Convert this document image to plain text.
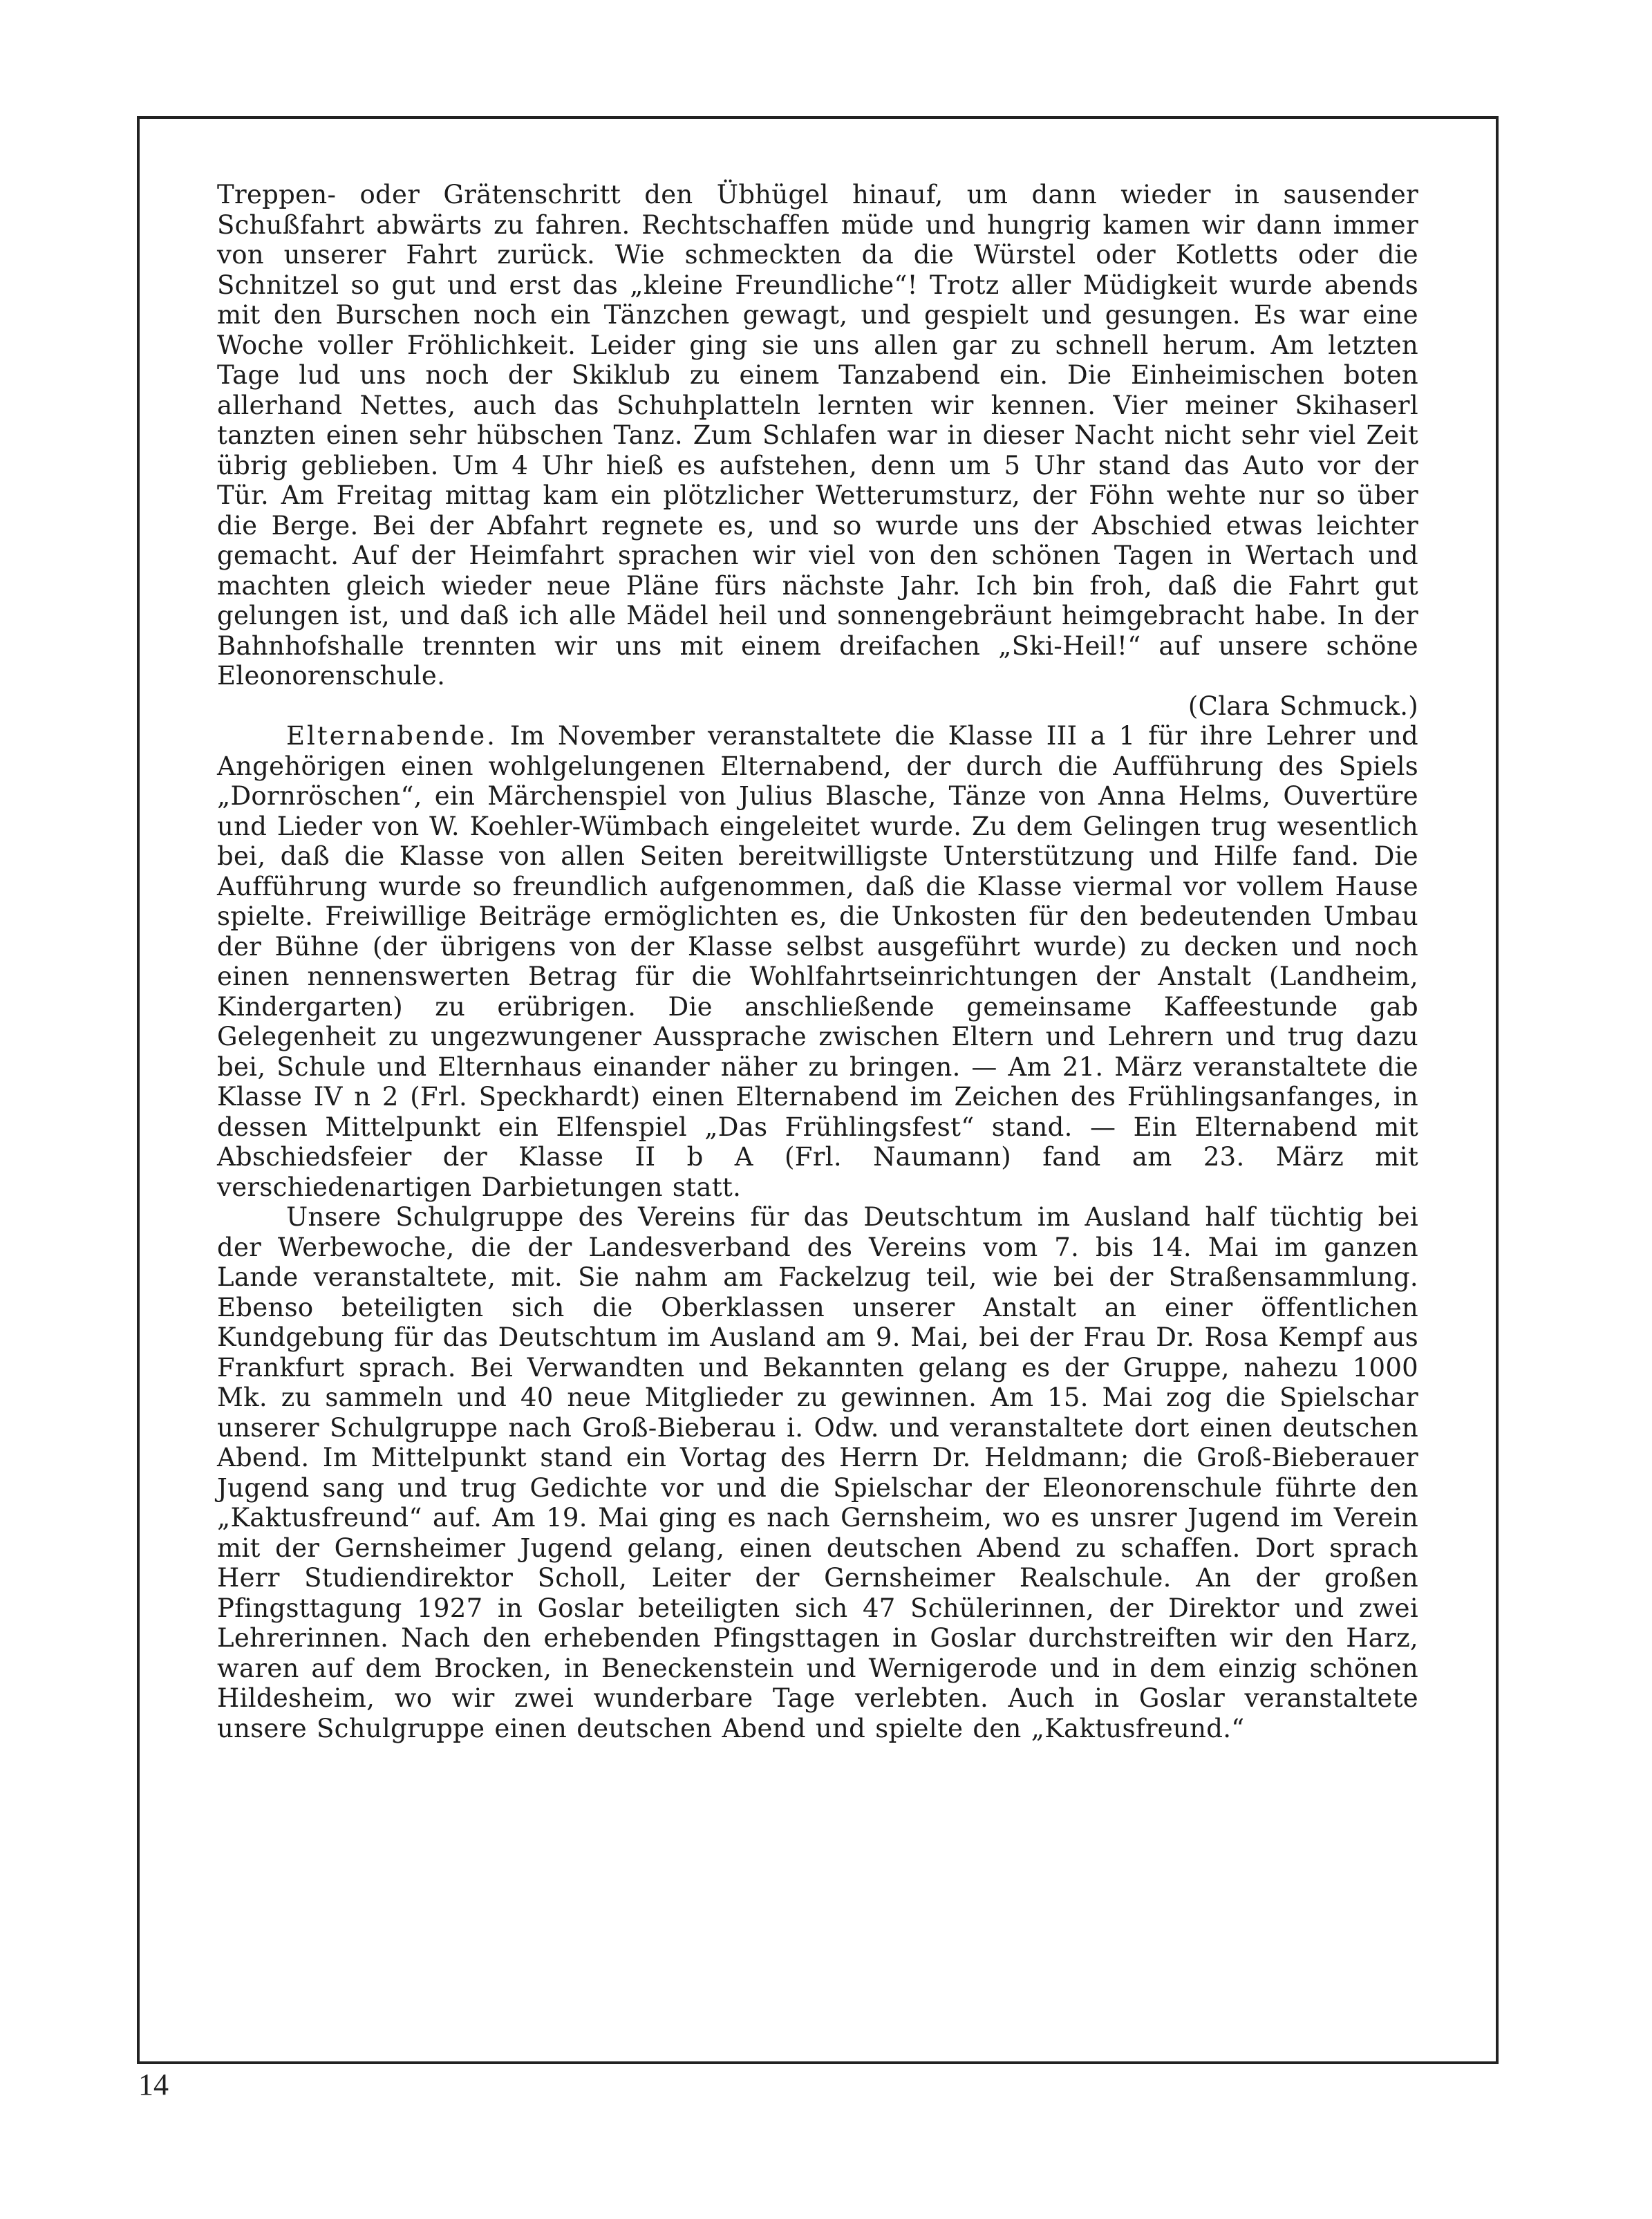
Treppen- oder Grätenschritt den Übhügel hinauf, um dann wieder in sausender Schußfahrt abwärts zu fahren. Rechtschaffen müde und hungrig kamen wir dann immer von unserer Fahrt zurück. Wie schmeckten da die Würstel oder Kotletts oder die Schnitzel so gut und erst das „kleine Freundliche“! Trotz aller Müdigkeit wurde abends mit den Burschen noch ein Tänzchen gewagt, und gespielt und gesungen. Es war eine Woche voller Fröhlichkeit. Leider ging sie uns allen gar zu schnell herum. Am letzten Tage lud uns noch der Skiklub zu einem Tanzabend ein. Die Einheimischen boten allerhand Nettes, auch das Schuhplatteln lernten wir kennen. Vier meiner Skihaserl tanzten einen sehr hübschen Tanz. Zum Schlafen war in dieser Nacht nicht sehr viel Zeit übrig geblieben. Um 4 Uhr hieß es aufstehen, denn um 5 Uhr stand das Auto vor der Tür. Am Freitag mittag kam ein plötzlicher Wetterumsturz, der Föhn wehte nur so über die Berge. Bei der Abfahrt regnete es, und so wurde uns der Abschied etwas leichter gemacht. Auf der Heimfahrt sprachen wir viel von den schönen Tagen in Wertach und machten gleich wieder neue Pläne fürs nächste Jahr. Ich bin froh, daß die Fahrt gut gelungen ist, und daß ich alle Mädel heil und sonnengebräunt heimgebracht habe. In der Bahnhofshalle trennten wir uns mit einem dreifachen „Ski-Heil!“ auf unsere schöne Eleonorenschule.
(Clara Schmuck.)

Elternabende. Im November veranstaltete die Klasse III a 1 für ihre Lehrer und Angehörigen einen wohlgelungenen Elternabend, der durch die Aufführung des Spiels „Dornröschen“, ein Märchenspiel von Julius Blasche, Tänze von Anna Helms, Ouvertüre und Lieder von W. Koehler-Wümbach eingeleitet wurde. Zu dem Gelingen trug wesentlich bei, daß die Klasse von allen Seiten bereitwilligste Unterstützung und Hilfe fand. Die Aufführung wurde so freundlich aufgenommen, daß die Klasse viermal vor vollem Hause spielte. Freiwillige Beiträge ermöglichten es, die Unkosten für den bedeutenden Umbau der Bühne (der übrigens von der Klasse selbst ausgeführt wurde) zu decken und noch einen nennenswerten Betrag für die Wohlfahrtseinrichtungen der Anstalt (Landheim, Kindergarten) zu erübrigen. Die anschließende gemeinsame Kaffeestunde gab Gelegenheit zu ungezwungener Aussprache zwischen Eltern und Lehrern und trug dazu bei, Schule und Elternhaus einander näher zu bringen. — Am 21. März veranstaltete die Klasse IV n 2 (Frl. Speckhardt) einen Elternabend im Zeichen des Frühlingsanfanges, in dessen Mittelpunkt ein Elfenspiel „Das Frühlingsfest“ stand. — Ein Elternabend mit Abschiedsfeier der Klasse II b A (Frl. Naumann) fand am 23. März mit verschiedenartigen Darbietungen statt.

Unsere Schulgruppe des Vereins für das Deutschtum im Ausland half tüchtig bei der Werbewoche, die der Landesverband des Vereins vom 7. bis 14. Mai im ganzen Lande veranstaltete, mit. Sie nahm am Fackelzug teil, wie bei der Straßensammlung. Ebenso beteiligten sich die Oberklassen unserer Anstalt an einer öffentlichen Kundgebung für das Deutschtum im Ausland am 9. Mai, bei der Frau Dr. Rosa Kempf aus Frankfurt sprach. Bei Verwandten und Bekannten gelang es der Gruppe, nahezu 1000 Mk. zu sammeln und 40 neue Mitglieder zu gewinnen. Am 15. Mai zog die Spielschar unserer Schulgruppe nach Groß-Bieberau i. Odw. und veranstaltete dort einen deutschen Abend. Im Mittelpunkt stand ein Vortag des Herrn Dr. Heldmann; die Groß-Bieberauer Jugend sang und trug Gedichte vor und die Spielschar der Eleonorenschule führte den „Kaktusfreund“ auf. Am 19. Mai ging es nach Gernsheim, wo es unsrer Jugend im Verein mit der Gernsheimer Jugend gelang, einen deutschen Abend zu schaffen. Dort sprach Herr Studiendirektor Scholl, Leiter der Gernsheimer Realschule. An der großen Pfingsttagung 1927 in Goslar beteiligten sich 47 Schülerinnen, der Direktor und zwei Lehrerinnen. Nach den erhebenden Pfingsttagen in Goslar durchstreiften wir den Harz, waren auf dem Brocken, in Beneckenstein und Wernigerode und in dem einzig schönen Hildesheim, wo wir zwei wunderbare Tage verlebten. Auch in Goslar veranstaltete unsere Schulgruppe einen deutschen Abend und spielte den „Kaktusfreund.“

14
